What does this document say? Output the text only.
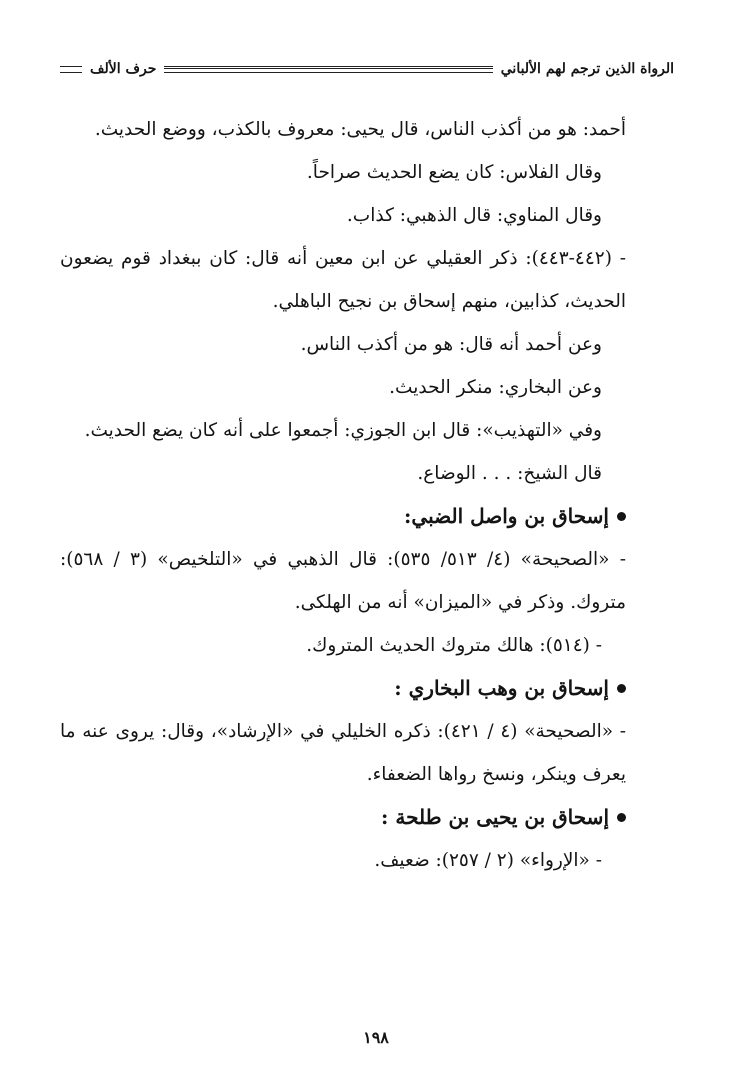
الرواة الذين ترجم لهم الألباني
حرف الألف

أحمد: هو من أكذب الناس، قال يحيى: معروف بالكذب، ووضع الحديث.

وقال الفلاس: كان يضع الحديث صراحاً.

وقال المناوي: قال الذهبي: كذاب.

- (٤٤٢-٤٤٣): ذكر العقيلي عن ابن معين أنه قال: كان ببغداد قوم يضعون الحديث، كذابين، منهم إسحاق بن نجيح الباهلي.

وعن أحمد أنه قال: هو من أكذب الناس.

وعن البخاري: منكر الحديث.

وفي «التهذيب»: قال ابن الجوزي: أجمعوا على أنه كان يضع الحديث.

قال الشيخ: . . . الوضاع.

إسحاق بن واصل الضبي:

- «الصحيحة» (٤/ ٥١٣/ ٥٣٥): قال الذهبي في «التلخيص» (٣ / ٥٦٨): متروك. وذكر في «الميزان» أنه من الهلكى.

- (٥١٤): هالك متروك الحديث المتروك.

إسحاق بن وهب البخاري :

- «الصحيحة» (٤ / ٤٢١): ذكره الخليلي في «الإرشاد»، وقال: يروى عنه ما يعرف وينكر، ونسخ رواها الضعفاء.

إسحاق بن يحيى بن طلحة :

- «الإرواء» (٢ / ٢٥٧): ضعيف.

١٩٨
